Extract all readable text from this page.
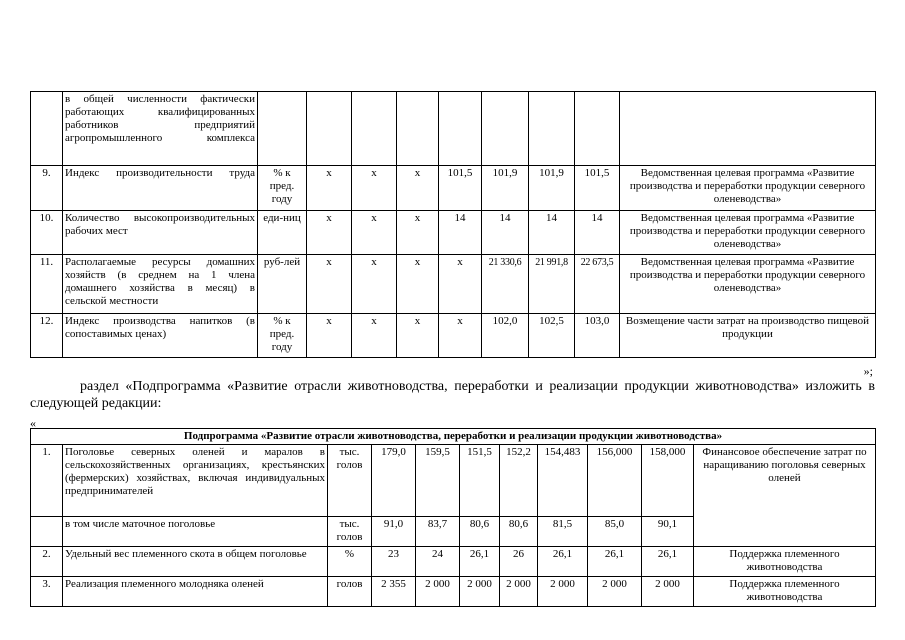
	в общей численности фактически работающих квалифицированных работников предприятий агропромышленного комплекса									
9.	Индекс производительности труда	% к пред. году	x	x	x	101,5	101,9	101,9	101,5	Ведомственная целевая программа «Развитие производства и переработки продукции северного оленеводства»
10.	Количество высокопроизводительных рабочих мест	еди-ниц	x	x	x	14	14	14	14	Ведомственная целевая программа «Развитие производства и переработки продукции северного оленеводства»
11.	Располагаемые ресурсы домашних хозяйств (в среднем на 1 члена домашнего хозяйства в месяц) в сельской местности	руб-лей	x	x	x	x	21 330,6	21 991,8	22 673,5	Ведомственная целевая программа «Развитие производства и переработки продукции северного оленеводства»
12.	Индекс производства напитков (в сопоставимых ценах)	% к пред. году	x	x	x	x	102,0	102,5	103,0	Возмещение части затрат на производство пищевой продукции
»;
раздел «Подпрограмма «Развитие отрасли животноводства, переработки и реализации продукции животноводства» изложить в следующей редакции:
«
Подпрограмма «Развитие отрасли животноводства, переработки и реализации продукции животноводства»										
1.	Поголовье северных оленей и маралов в сельскохозяйственных организациях, крестьянских (фермерских) хозяйствах, включая индивидуальных предпринимателей	тыс. голов	179,0	159,5	151,5	152,2	154,483	156,000	158,000	Финансовое обеспечение затрат по наращиванию поголовья северных оленей
	в том числе маточное поголовье	тыс. голов	91,0	83,7	80,6	80,6	81,5	85,0	90,1	
2.	Удельный вес племенного скота в общем поголовье	%	23	24	26,1	26	26,1	26,1	26,1	Поддержка племенного животноводства
3.	Реализация племенного молодняка оленей	голов	2 355	2 000	2 000	2 000	2 000	2 000	2 000	Поддержка племенного животноводства
